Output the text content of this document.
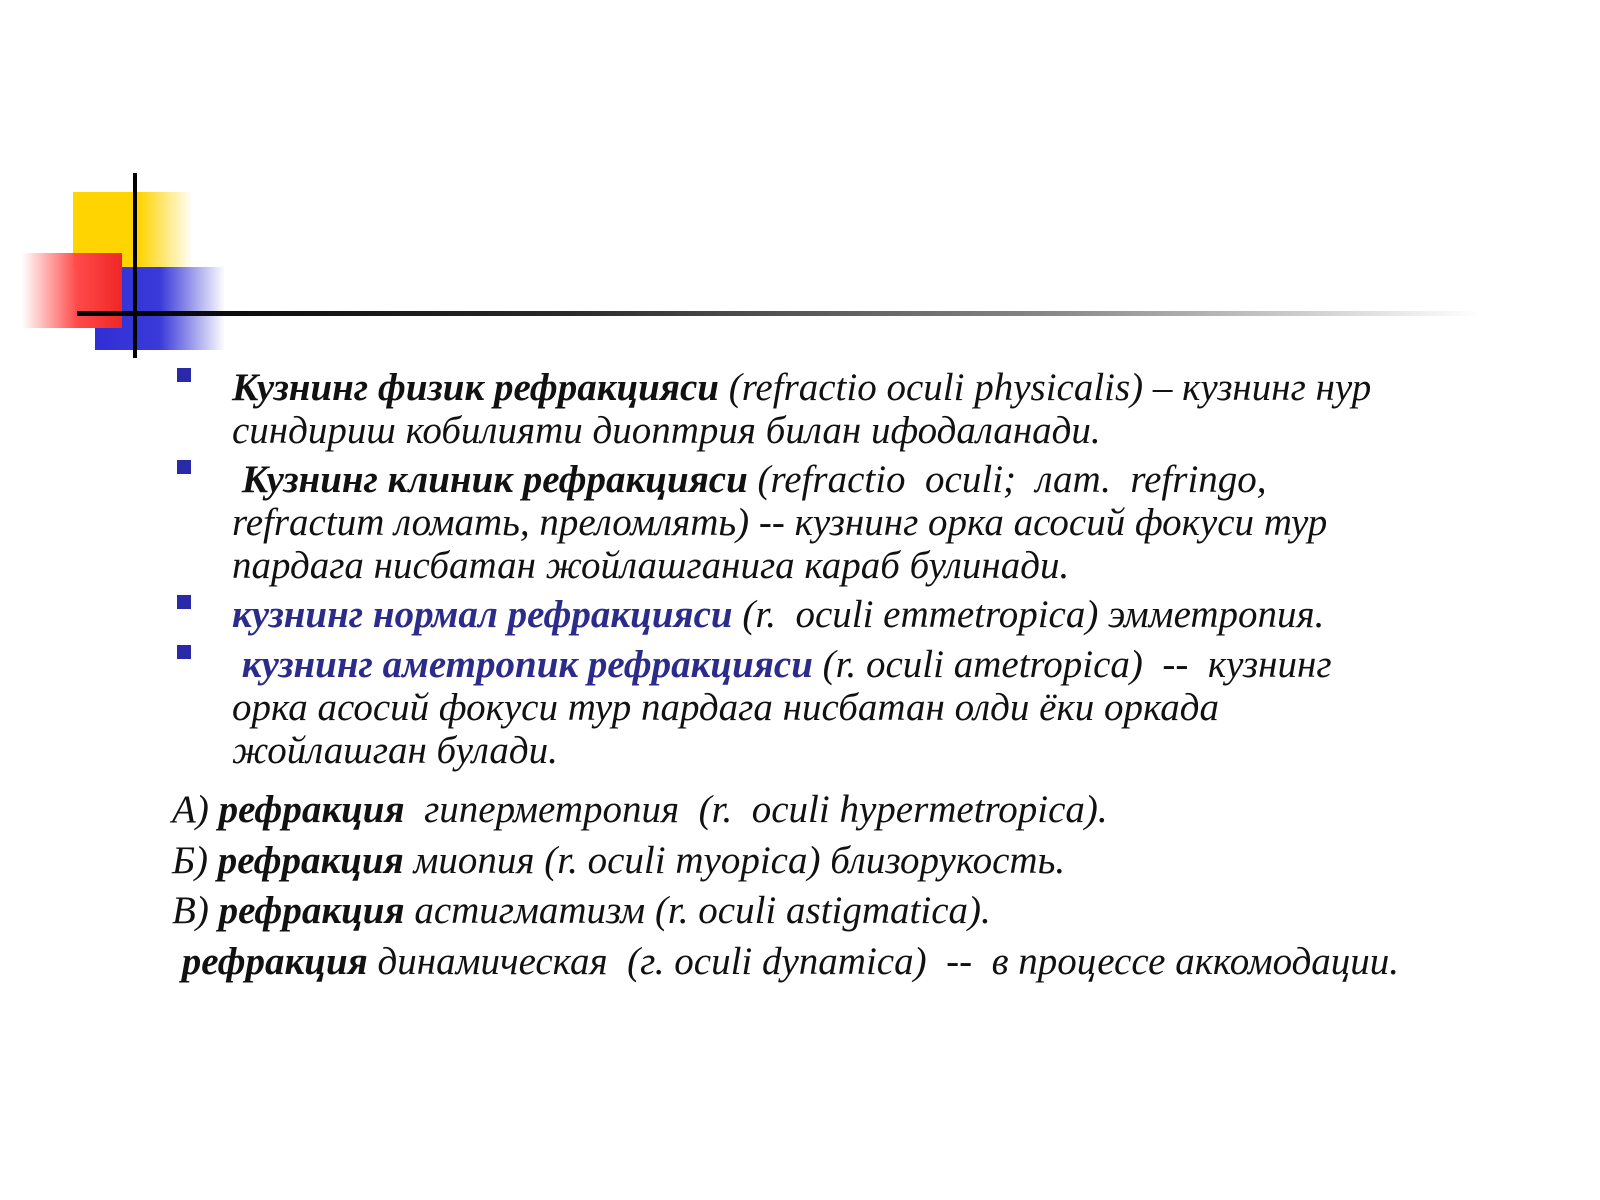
Кузнинг физик рефракцияси (refractio oculi physicalis) – кузнинг нур
синдириш кобилияти диоптрия билан ифодаланади.

Кузнинг клиник рефракцияси (refractio  oculi;  лат.  refringo,
refractum ломать, преломлять) -- кузнинг орка асосий фокуси тур
пардага нисбатан жойлашганига караб булинади.

кузнинг нормал рефракцияси (r.  oculi emmetropica) эмметропия.

кузнинг аметропик рефракцияси (r. oculi ametropica)  --  кузнинг
орка асосий фокуси тур пардага нисбатан олди ёки оркада
жойлашган булади.

А) рефракция  гиперметропия  (r.  oculi hypermetropica).

Б) рефракция миопия (r. oculi myopica) близорукость.

В) рефракция астигматизм (r. oculi astigmatica).

рефракция динамическая  (г. oculi dynamica)  --  в процессе аккомодации.
